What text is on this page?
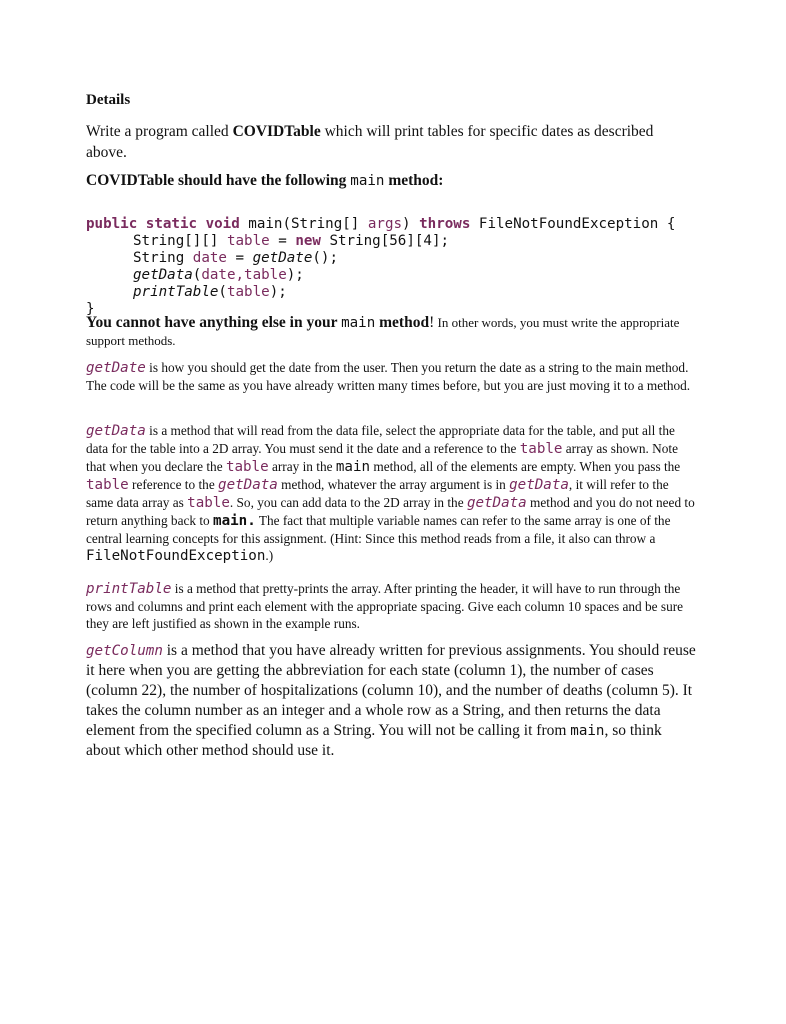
Details

Write a program called COVIDTable which will print tables for specific dates as described above.

COVIDTable should have the following main method:

public static void main(String[] args) throws FileNotFoundException {
String[][] table = new String[56][4];
String date = getDate();
getData(date,table);
printTable(table);
}

You cannot have anything else in your main method! In other words, you must write the appropriate support methods.

getDate is how you should get the date from the user. Then you return the date as a string to the main method. The code will be the same as you have already written many times before, but you are just moving it to a method.

getData is a method that will read from the data file, select the appropriate data for the table, and put all the data for the table into a 2D array. You must send it the date and a reference to the table array as shown. Note that when you declare the table array in the main method, all of the elements are empty. When you pass the table reference to the getData method, whatever the array argument is in getData, it will refer to the same data array as table. So, you can add data to the 2D array in the getData method and you do not need to return anything back to main. The fact that multiple variable names can refer to the same array is one of the central learning concepts for this assignment. (Hint: Since this method reads from a file, it also can throw a FileNotFoundException.)

printTable is a method that pretty-prints the array. After printing the header, it will have to run through the rows and columns and print each element with the appropriate spacing. Give each column 10 spaces and be sure they are left justified as shown in the example runs.

getColumn is a method that you have already written for previous assignments. You should reuse it here when you are getting the abbreviation for each state (column 1), the number of cases (column 22), the number of hospitalizations (column 10), and the number of deaths (column 5). It takes the column number as an integer and a whole row as a String, and then returns the data element from the specified column as a String. You will not be calling it from main, so think about which other method should use it.
